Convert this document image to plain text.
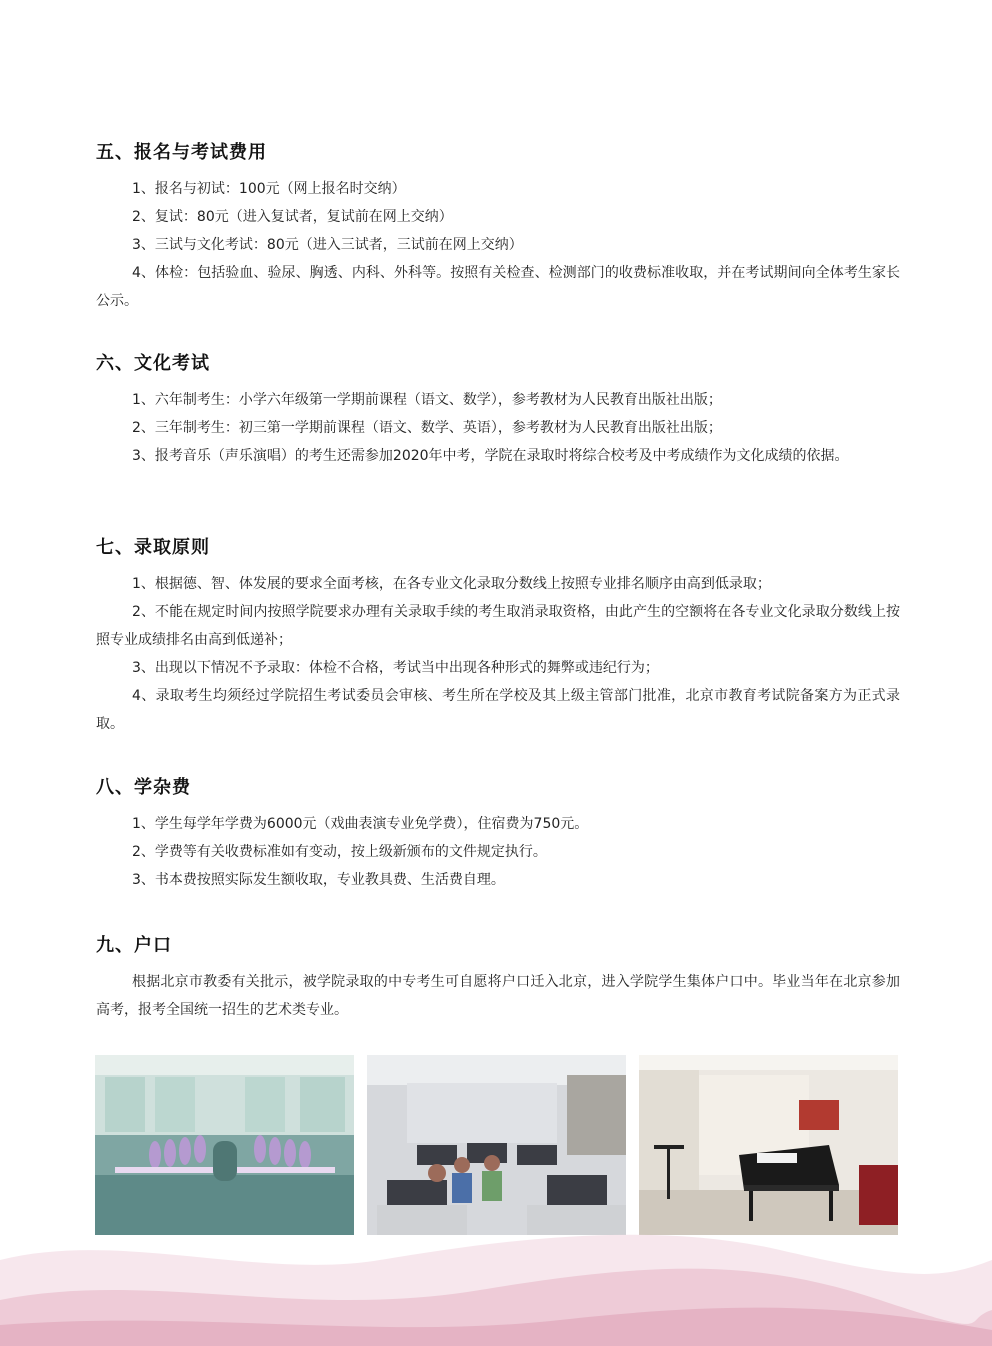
五、报名与考试费用

1、报名与初试：100元（网上报名时交纳）

2、复试：80元（进入复试者，复试前在网上交纳）

3、三试与文化考试：80元（进入三试者，三试前在网上交纳）

4、体检：包括验血、验尿、胸透、内科、外科等。按照有关检查、检测部门的收费标准收取，并在考试期间向全体考生家长公示。

六、文化考试

1、六年制考生：小学六年级第一学期前课程（语文、数学），参考教材为人民教育出版社出版；

2、三年制考生：初三第一学期前课程（语文、数学、英语），参考教材为人民教育出版社出版；

3、报考音乐（声乐演唱）的考生还需参加2020年中考，学院在录取时将综合校考及中考成绩作为文化成绩的依据。

七、录取原则

1、根据德、智、体发展的要求全面考核，在各专业文化录取分数线上按照专业排名顺序由高到低录取；

2、不能在规定时间内按照学院要求办理有关录取手续的考生取消录取资格，由此产生的空额将在各专业文化录取分数线上按照专业成绩排名由高到低递补；

3、出现以下情况不予录取：体检不合格，考试当中出现各种形式的舞弊或违纪行为；

4、录取考生均须经过学院招生考试委员会审核、考生所在学校及其上级主管部门批准，北京市教育考试院备案方为正式录取。

八、学杂费

1、学生每学年学费为6000元（戏曲表演专业免学费），住宿费为750元。

2、学费等有关收费标准如有变动，按上级新颁布的文件规定执行。

3、书本费按照实际发生额收取，专业教具费、生活费自理。

九、户口

根据北京市教委有关批示，被学院录取的中专考生可自愿将户口迁入北京，进入学院学生集体户口中。毕业当年在北京参加高考，报考全国统一招生的艺术类专业。
